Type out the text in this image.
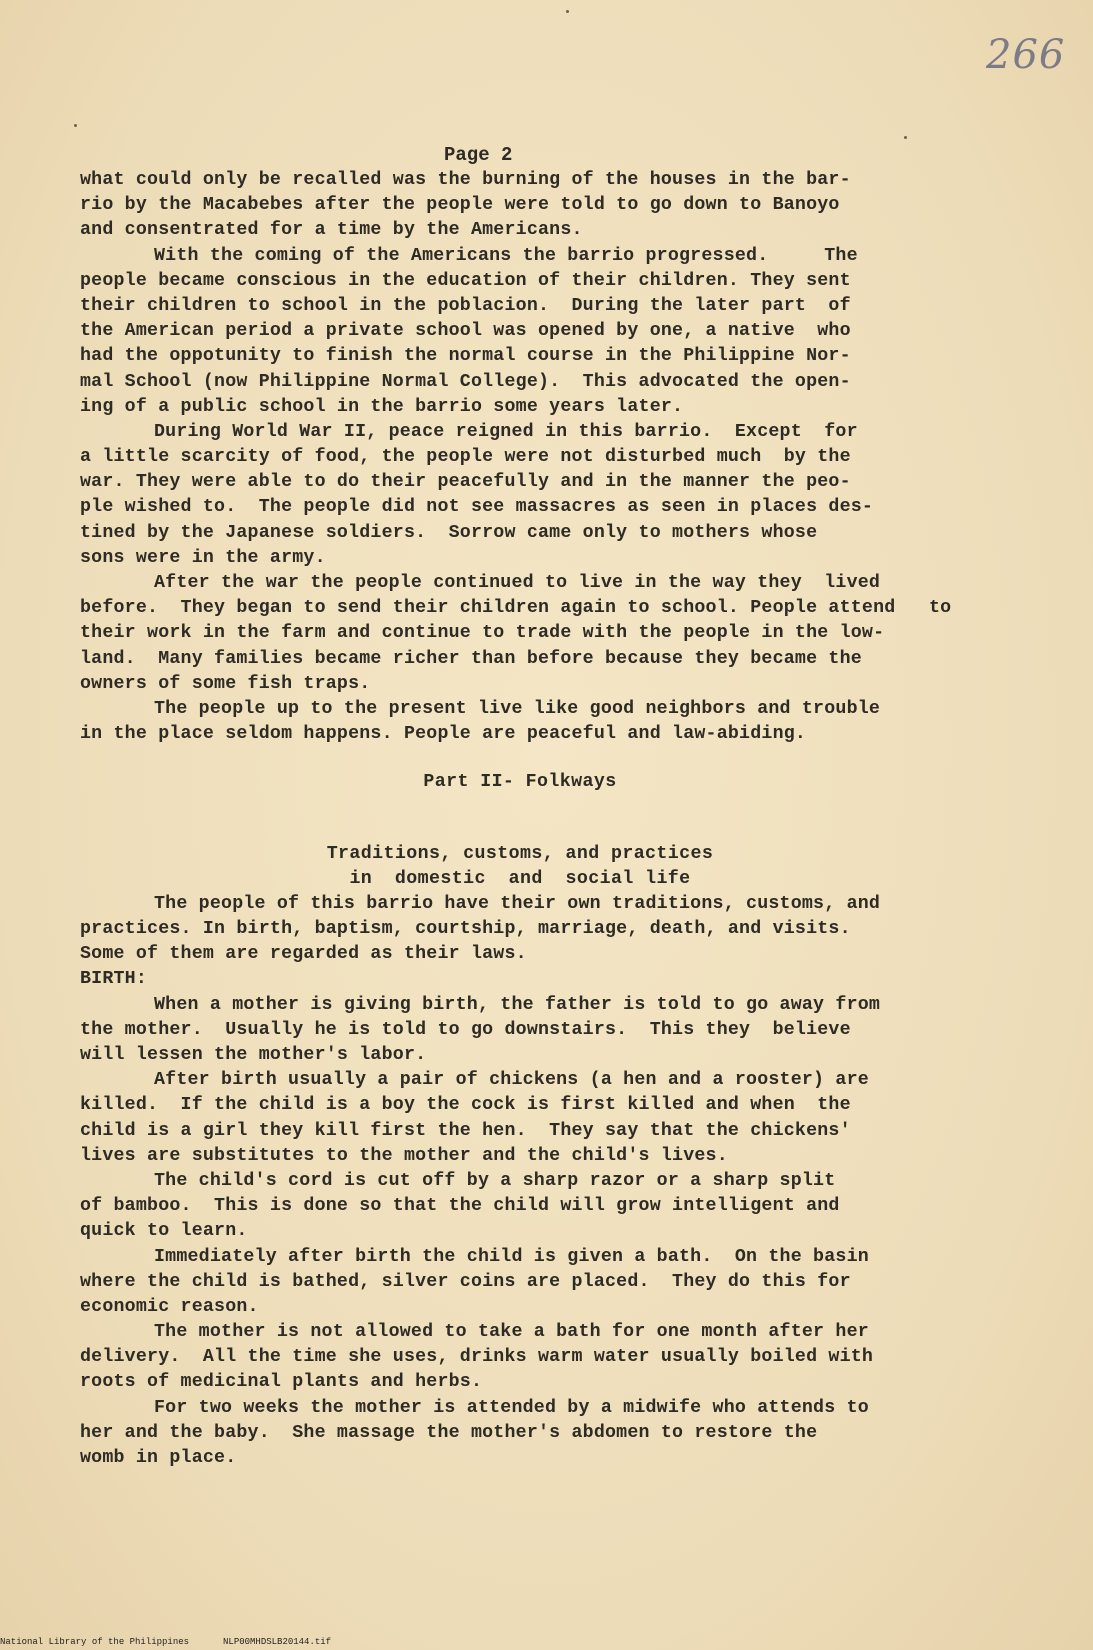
266
Page 2
what could only be recalled was the burning of the houses in the bar-
rio by the Macabebes after the people were told to go down to Banoyo
and consentrated for a time by the Americans.
With the coming of the Americans the barrio progressed.     The
people became conscious in the education of their children. They sent
their children to school in the poblacion.  During the later part  of
the American period a private school was opened by one, a native  who
had the oppotunity to finish the normal course in the Philippine Nor-
mal School (now Philippine Normal College).  This advocated the open-
ing of a public school in the barrio some years later.
During World War II, peace reigned in this barrio.  Except  for
a little scarcity of food, the people were not disturbed much  by the
war. They were able to do their peacefully and in the manner the peo-
ple wished to.  The people did not see massacres as seen in places des-
tined by the Japanese soldiers.  Sorrow came only to mothers whose
sons were in the army.
After the war the people continued to live in the way they  lived
before.  They began to send their children again to school. People attend   to
their work in the farm and continue to trade with the people in the low-
land.  Many families became richer than before because they became the
owners of some fish traps.
The people up to the present live like good neighbors and trouble
in the place seldom happens. People are peaceful and law-abiding.
Part II- Folkways
Traditions, customs, and practices
in  domestic  and  social life
The people of this barrio have their own traditions, customs, and
practices. In birth, baptism, courtship, marriage, death, and visits.
Some of them are regarded as their laws.
BIRTH:
When a mother is giving birth, the father is told to go away from
the mother.  Usually he is told to go downstairs.  This they  believe
will lessen the mother's labor.
After birth usually a pair of chickens (a hen and a rooster) are
killed.  If the child is a boy the cock is first killed and when  the
child is a girl they kill first the hen.  They say that the chickens'
lives are substitutes to the mother and the child's lives.
The child's cord is cut off by a sharp razor or a sharp split
of bamboo.  This is done so that the child will grow intelligent and
quick to learn.
Immediately after birth the child is given a bath.  On the basin
where the child is bathed, silver coins are placed.  They do this for
economic reason.
The mother is not allowed to take a bath for one month after her
delivery.  All the time she uses, drinks warm water usually boiled with
roots of medicinal plants and herbs.
For two weeks the mother is attended by a midwife who attends to
her and the baby.  She massage the mother's abdomen to restore the
womb in place.
National Library of the Philippines	NLP00MHDSLB20144.tif
